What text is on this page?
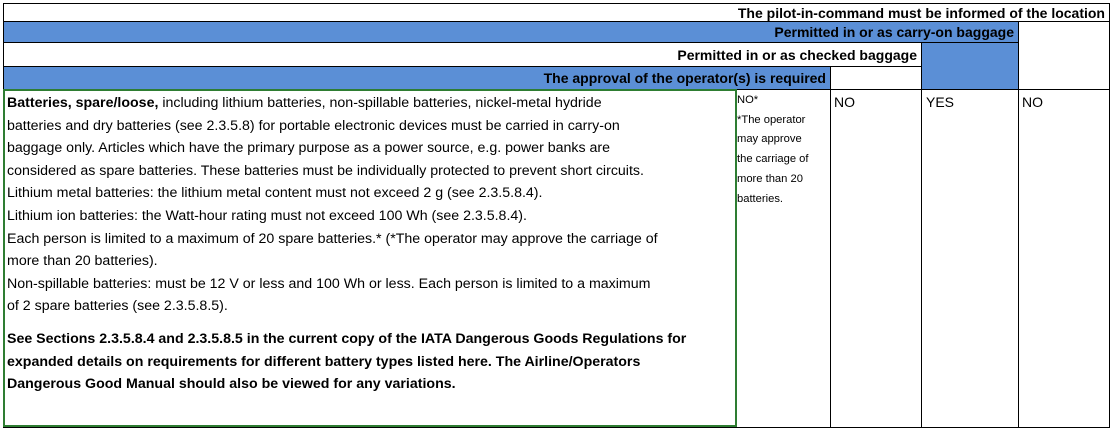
The pilot-in-command must be informed of the location
Permitted in or as carry-on baggage
Permitted in or as checked baggage
The approval of the operator(s) is required

Batteries, spare/loose, including lithium batteries, non-spillable batteries, nickel-metal hydride

batteries and dry batteries (see 2.3.5.8) for portable electronic devices must be carried in carry-on

baggage only. Articles which have the primary purpose as a power source, e.g. power banks are

considered as spare batteries. These batteries must be individually protected to prevent short circuits.

Lithium metal batteries: the lithium metal content must not exceed 2 g (see 2.3.5.8.4).

Lithium ion batteries: the Watt-hour rating must not exceed 100 Wh (see 2.3.5.8.4).

Each person is limited to a maximum of 20 spare batteries.* (*The operator may approve the carriage of

more than 20 batteries).

Non-spillable batteries: must be 12 V or less and 100 Wh or less. Each person is limited to a maximum

of 2 spare batteries (see 2.3.5.8.5).

See Sections 2.3.5.8.4 and 2.3.5.8.5 in the current copy of the IATA Dangerous Goods Regulations for

expanded details on requirements for different battery types listed here. The Airline/Operators

Dangerous Good Manual should also be viewed for any variations.

NO*
*The operator
may approve
the carriage of
more than 20
batteries.
NO	YES	NO
